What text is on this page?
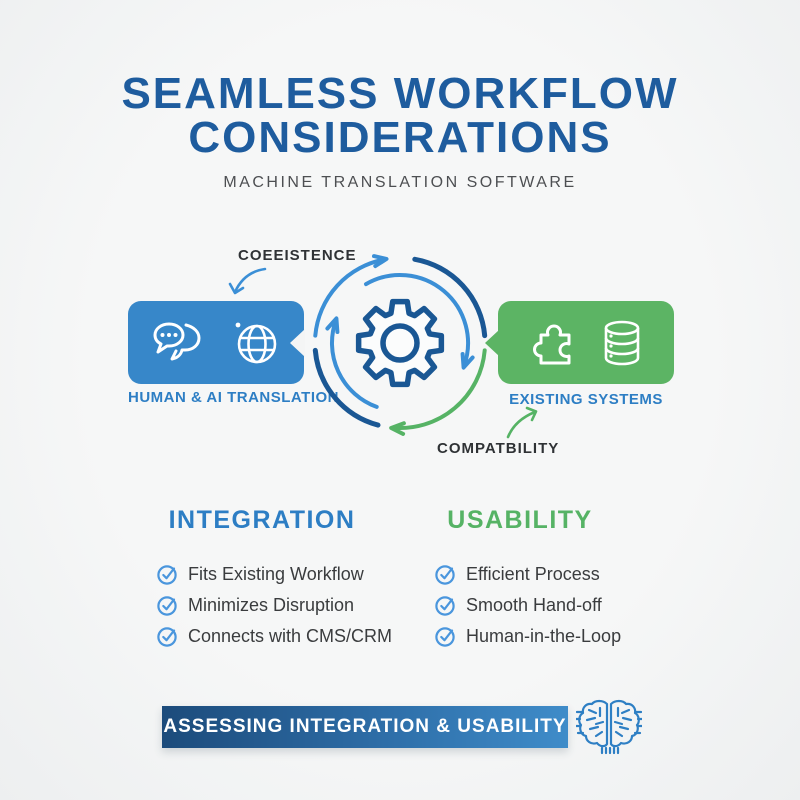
SEAMLESS WORKFLOW
CONSIDERATIONS
MACHINE TRANSLATION SOFTWARE
COEEISTENCE
HUMAN & AI TRANSLATION	EXISTING SYSTEMS
COMPATBILITY
INTEGRATION	USABILITY
Fits Existing Workflow
Minimizes Disruption
Connects with CMS/CRM
Efficient Process
Smooth Hand-off
Human-in-the-Loop
ASSESSING INTEGRATION & USABILITY
